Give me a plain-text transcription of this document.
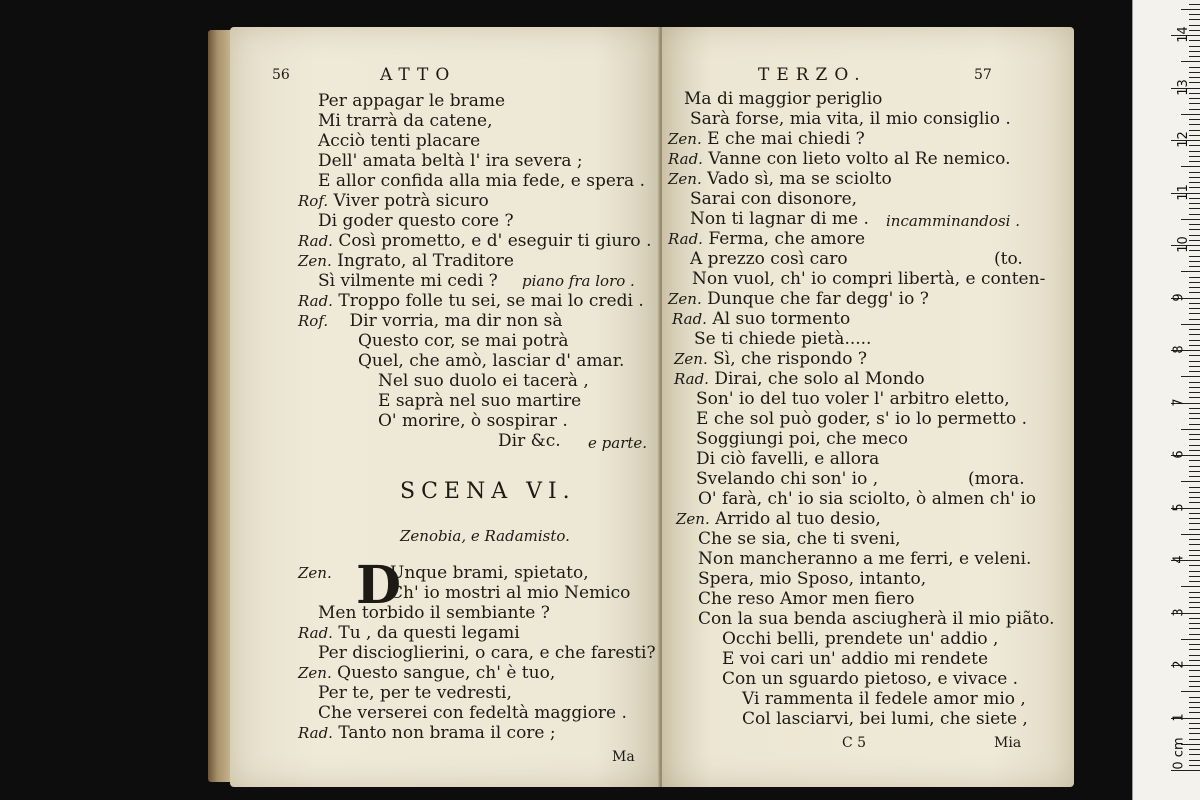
56	ATTO
Per appagar le brame
Mi trarrà da catene,
Acciò tenti placare
Dell' amata beltà l' ira severa ;
E allor confida alla mia fede, e spera .
Rof. Viver potrà sicuro
Di goder questo core ?
Rad. Così prometto, e d' eseguir ti giuro .
Zen. Ingrato, al Traditore
Sì vilmente mi cedi ? piano fra loro .
Rad. Troppo folle tu sei, se mai lo credi .
Rof. Dir vorria, ma dir non sà
Questo cor, se mai potrà
Quel, che amò, lasciar d' amar.
Nel suo duolo ei tacerà ,
E saprà nel suo martire
O' morire, ò sospirar .
Dir &c. e parte.
SCENA VI.
Zenobia, e Radamisto.
D
Zen.	Unque brami, spietato,
Ch' io mostri al mio Nemico
Men torbido il sembiante ?
Rad. Tu , da questi legami
Per discioglierini, o cara, e che faresti?
Zen. Questo sangue, ch' è tuo,
Per te, per te vedresti,
Che verserei con fedeltà maggiore .
Rad. Tanto non brama il core ;
Ma
TERZO.	57
Ma di maggior periglio
Sarà forse, mia vita, il mio consiglio .
Zen. E che mai chiedi ?
Rad. Vanne con lieto volto al Re nemico.
Zen. Vado sì, ma se sciolto
Sarai con disonore,
Non ti lagnar di me . incamminandosi .
Rad. Ferma, che amore
A prezzo così caro	(to.
Non vuol, ch' io compri libertà, e conten-
Zen. Dunque che far degg' io ?
Rad. Al suo tormento
Se ti chiede pietà.....
Zen. Sì, che rispondo ?
Rad. Dirai, che solo al Mondo
Son' io del tuo voler l' arbitro eletto,
E che sol può goder, s' io lo permetto .
Soggiungi poi, che meco
Di ciò favelli, e allora
Svelando chi son' io ,	(mora.
O' farà, ch' io sia sciolto, ò almen ch' io
Zen. Arrido al tuo desio,
Che se sia, che ti sveni,
Non mancheranno a me ferri, e veleni.
Spera, mio Sposo, intanto,
Che reso Amor men fiero
Con la sua benda asciugherà il mio piãto.
Occhi belli, prendete un' addio ,
E voi cari un' addio mi rendete
Con un sguardo pietoso, e vivace .
Vi rammenta il fedele amor mio ,
Col lasciarvi, bei lumi, che siete ,
C 5	Mia	0 cm
1
2
3
4
5
6
7
8
9
10
11
12
13
14
